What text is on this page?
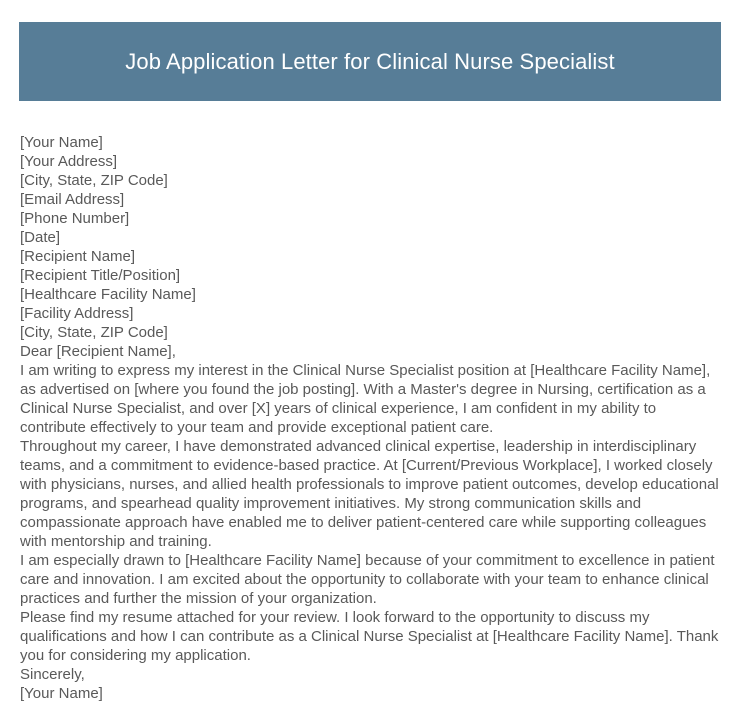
Job Application Letter for Clinical Nurse Specialist
[Your Name]
[Your Address]
[City, State, ZIP Code]
[Email Address]
[Phone Number]
[Date]
[Recipient Name]
[Recipient Title/Position]
[Healthcare Facility Name]
[Facility Address]
[City, State, ZIP Code]
Dear [Recipient Name],

I am writing to express my interest in the Clinical Nurse Specialist position at [Healthcare Facility Name], as advertised on [where you found the job posting]. With a Master's degree in Nursing, certification as a Clinical Nurse Specialist, and over [X] years of clinical experience, I am confident in my ability to contribute effectively to your team and provide exceptional patient care.

Throughout my career, I have demonstrated advanced clinical expertise, leadership in interdisciplinary teams, and a commitment to evidence-based practice. At [Current/Previous Workplace], I worked closely with physicians, nurses, and allied health professionals to improve patient outcomes, develop educational programs, and spearhead quality improvement initiatives. My strong communication skills and compassionate approach have enabled me to deliver patient-centered care while supporting colleagues with mentorship and training.

I am especially drawn to [Healthcare Facility Name] because of your commitment to excellence in patient care and innovation. I am excited about the opportunity to collaborate with your team to enhance clinical practices and further the mission of your organization.

Please find my resume attached for your review. I look forward to the opportunity to discuss my qualifications and how I can contribute as a Clinical Nurse Specialist at [Healthcare Facility Name]. Thank you for considering my application.

Sincerely,
[Your Name]
